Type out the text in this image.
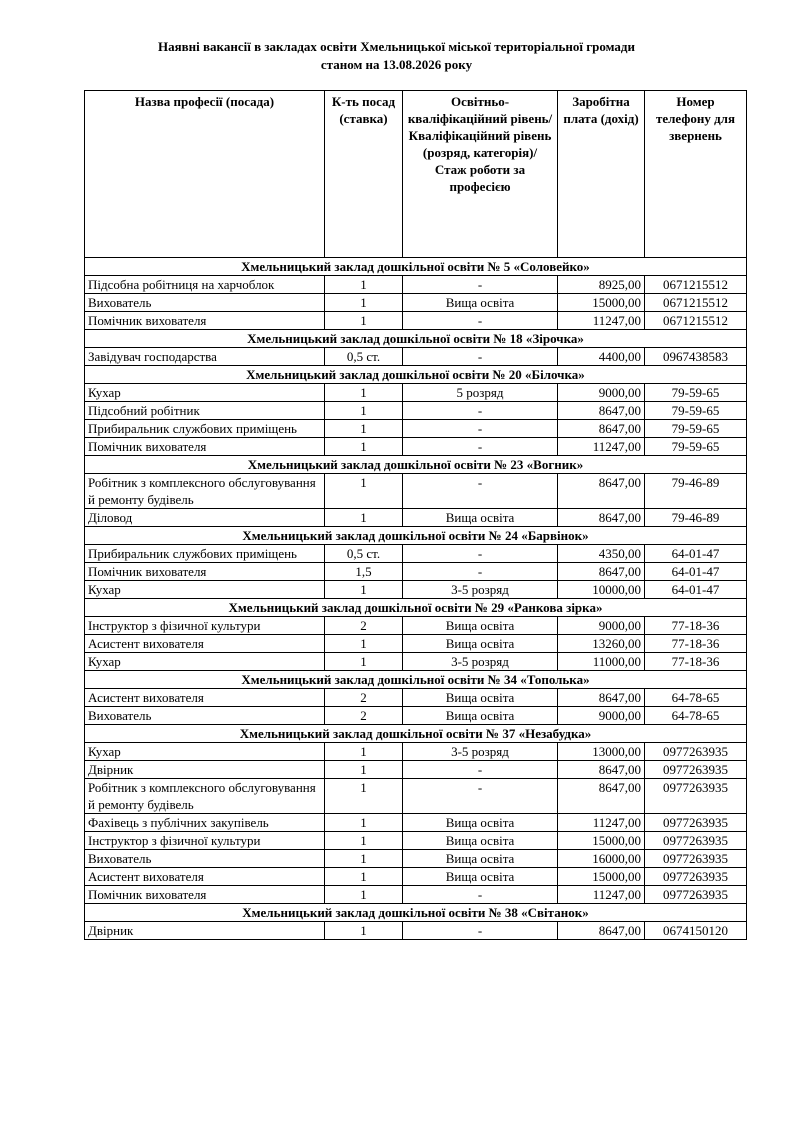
Наявні вакансії в закладах освіти Хмельницької міської територіальної громади
станом на 13.08.2026 року
Назва професії (посада)	К-ть посад (ставка)	Освітньо-кваліфікаційний рівень/ Кваліфікаційний рівень (розряд, категорія)/ Стаж роботи за професією	Заробітна плата (дохід)	Номер телефону для звернень
Хмельницький заклад дошкільної освіти № 5 «Соловейко»				
Підсобна робітниця на харчоблок	1	-	8925,00	0671215512
Вихователь	1	Вища освіта	15000,00	0671215512
Помічник вихователя	1	-	11247,00	0671215512
Хмельницький заклад дошкільної освіти № 18 «Зірочка»				
Завідувач господарства	0,5 ст.	-	4400,00	0967438583
Хмельницький заклад дошкільної освіти № 20 «Білочка»				
Кухар	1	5 розряд	9000,00	79-59-65
Підсобний робітник	1	-	8647,00	79-59-65
Прибиральник службових приміщень	1	-	8647,00	79-59-65
Помічник вихователя	1	-	11247,00	79-59-65
Хмельницький заклад дошкільної освіти № 23 «Вогник»				
Робітник з комплексного обслуговування й ремонту будівель	1	-	8647,00	79-46-89
Діловод	1	Вища освіта	8647,00	79-46-89
Хмельницький заклад дошкільної освіти № 24 «Барвінок»				
Прибиральник службових приміщень	0,5 ст.	-	4350,00	64-01-47
Помічник вихователя	1,5	-	8647,00	64-01-47
Кухар	1	3-5 розряд	10000,00	64-01-47
Хмельницький заклад дошкільної освіти № 29 «Ранкова зірка»				
Інструктор з фізичної культури	2	Вища освіта	9000,00	77-18-36
Асистент вихователя	1	Вища освіта	13260,00	77-18-36
Кухар	1	3-5 розряд	11000,00	77-18-36
Хмельницький заклад дошкільної освіти № 34 «Тополька»				
Асистент вихователя	2	Вища освіта	8647,00	64-78-65
Вихователь	2	Вища освіта	9000,00	64-78-65
Хмельницький заклад дошкільної освіти № 37 «Незабудка»				
Кухар	1	3-5 розряд	13000,00	0977263935
Двірник	1	-	8647,00	0977263935
Робітник з комплексного обслуговування й ремонту будівель	1	-	8647,00	0977263935
Фахівець з публічних закупівель	1	Вища освіта	11247,00	0977263935
Інструктор з фізичної культури	1	Вища освіта	15000,00	0977263935
Вихователь	1	Вища освіта	16000,00	0977263935
Асистент вихователя	1	Вища освіта	15000,00	0977263935
Помічник вихователя	1	-	11247,00	0977263935
Хмельницький заклад дошкільної освіти № 38 «Світанок»				
Двірник	1	-	8647,00	0674150120
